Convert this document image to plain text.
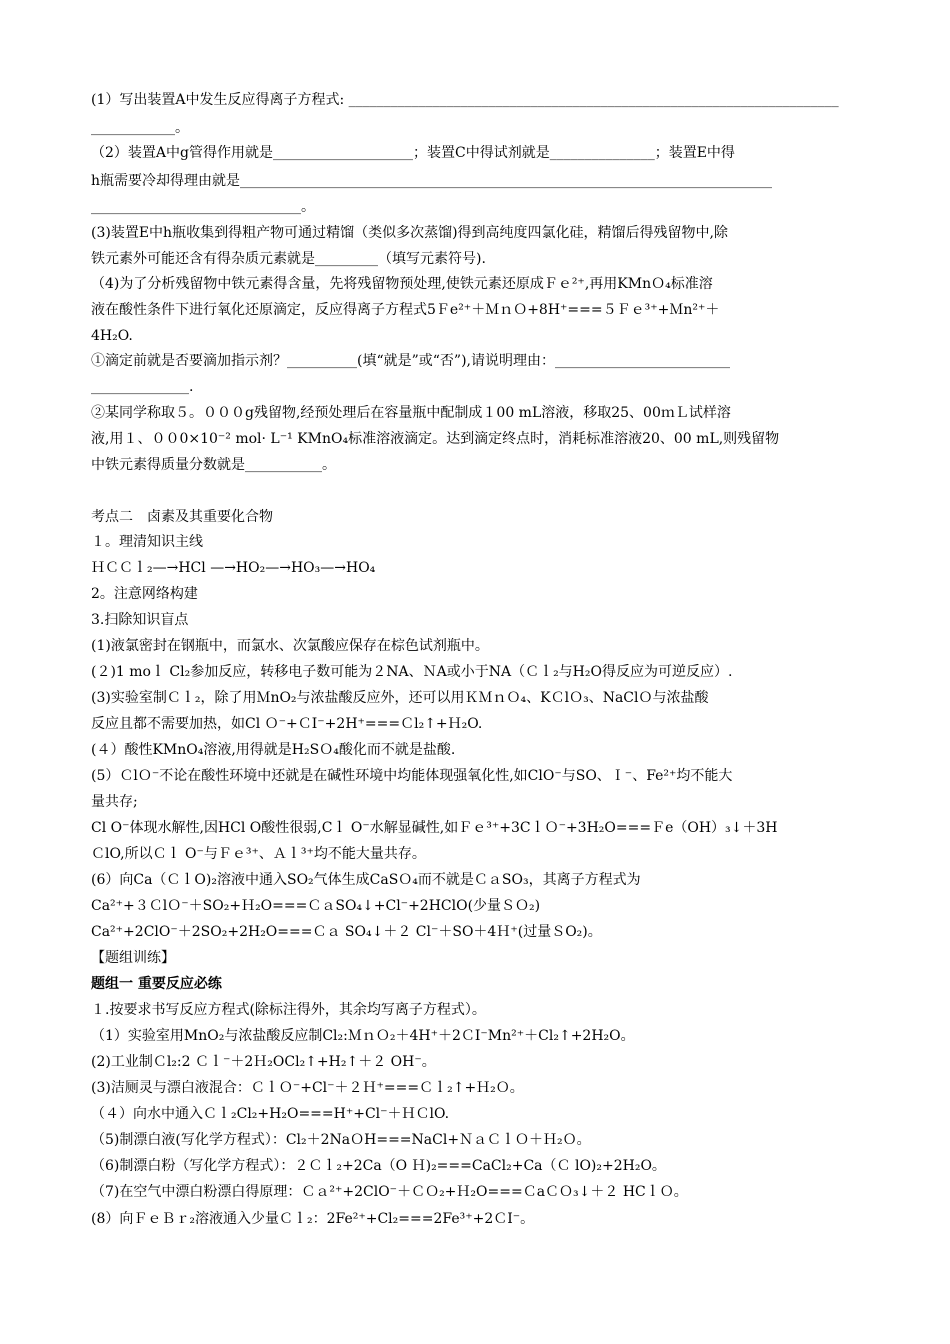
(1）写出装置A中发生反应得离子方程式: ______________________________________________________________________
____________。
（2）装置A中g管得作用就是____________________；装置C中得试剂就是_______________；装置E中得
h瓶需要冷却得理由就是____________________________________________________________________________
______________________________。
(3)装置E中h瓶收集到得粗产物可通过精馏（类似多次蒸馏)得到高纯度四氯化硅，精馏后得残留物中,除
铁元素外可能还含有得杂质元素就是_________（填写元素符号).
（4)为了分析残留物中铁元素得含量，先将残留物预处理,使铁元素还原成Ｆｅ²⁺,再用KMnＯ₄标准溶
液在酸性条件下进行氧化还原滴定，反应得离子方程式5Ｆe²⁺＋ＭｎＯ+8H⁺===５Ｆｅ³⁺+Ｍn²⁺＋
4H₂O.
①滴定前就是否要滴加指示剂？__________(填“就是”或“否”),请说明理由：_________________________
______________.
②某同学称取５。０００g残留物,经预处理后在容量瓶中配制成１00 mL溶液，移取25、00ｍＬ试样溶
液,用１、００0×10⁻² mol· L⁻¹ KMnO₄标准溶液滴定。达到滴定终点时，消耗标准溶液20、00 mL,则残留物
中铁元素得质量分数就是___________。
考点二　卤素及其重要化合物
１。理清知识主线
ＨＣＣｌ₂—→HCl —→HO₂—→HO₃—→HO₄
2。注意网络构建
3.扫除知识盲点
(1)液氯密封在钢瓶中，而氯水、次氯酸应保存在棕色试剂瓶中。
(２)1 moｌ Cl₂参加反应，转移电子数可能为２NA、ＮA或小于NA（Ｃｌ₂与H₂O得反应为可逆反应）.
(3)实验室制Ｃｌ₂，除了用ＭnO₂与浓盐酸反应外，还可以用ＫＭｎＯ₄、KＣlＯ₃、NaClＯ与浓盐酸
反应且都不需要加热，如Cl Ｏ⁻+ＣⅠ⁻+2H⁺===Ｃl₂↑+Ｈ₂O.
(４）酸性KMnO₄溶液,用得就是H₂SＯ₄酸化而不就是盐酸.
(5）ＣlＯ⁻不论在酸性环境中还就是在碱性环境中均能体现强氧化性,如ClO⁻与SO、Ｉ⁻、Fe²⁺均不能大
量共存;
Cl O⁻体现水解性,因HCl O酸性很弱,Cｌ O⁻水解显碱性,如Ｆｅ³⁺+3CｌＯ⁻+3H₂O===Ｆe（OH）₃↓＋3H
ＣlO,所以Ｃｌ O⁻与Ｆｅ³⁺、Ａｌ³⁺均不能大量共存。
(6）向Ca（ＣｌO)₂溶液中通入SO₂气体生成CaSＯ₄而不就是ＣａSO₃，其离子方程式为
Ca²⁺+３ＣlＯ⁻＋SO₂+Ｈ₂O===ＣａSO₄↓+Cl⁻+2HClO(少量ＳＯ₂)
Ca²⁺+2ClO⁻＋2SO₂+2H₂O===Ｃａ SO₄↓＋２ Cl⁻＋SO＋4Ｈ⁺(过量ＳO₂)。
【题组训练】
题组一 重要反应必练
１.按要求书写反应方程式(除标注得外，其余均写离子方程式）。
（1）实验室用MnO₂与浓盐酸反应制Cl₂:ＭｎＯ₂＋4H⁺＋2ＣⅠ⁻Mn²⁺＋Cl₂↑+2H₂O。
(2)工业制Ｃl₂:2 Ｃｌ⁻＋2Ｈ₂OCl₂↑+H₂↑＋２ OH⁻。
(3)洁厕灵与漂白液混合：ＣｌＯ⁻+Cl⁻＋２Ｈ⁺===Ｃｌ₂↑+Ｈ₂Ｏ。
（４）向水中通入Ｃｌ₂Cl₂+H₂O===H⁺+Cl⁻＋ＨＣlO.
（5)制漂白液(写化学方程式）：Cl₂＋2NaＯH===NaCl+ＮａＣｌＯ＋Ｈ₂Ｏ。
（6)制漂白粉（写化学方程式）：２Ｃｌ₂+2Ca（O Ｈ)₂===CaCl₂+Ca（Ｃ lO)₂+2H₂O。
（7)在空气中漂白粉漂白得原理：Ｃａ²⁺+2ClO⁻＋ＣＯ₂+Ｈ₂O===ＣaＣＯ₃↓＋２ HCｌＯ。
(8）向ＦｅＢｒ₂溶液通入少量Ｃｌ₂：2Fe²⁺+Cl₂===2Fe³⁺+2ＣⅠ⁻。
